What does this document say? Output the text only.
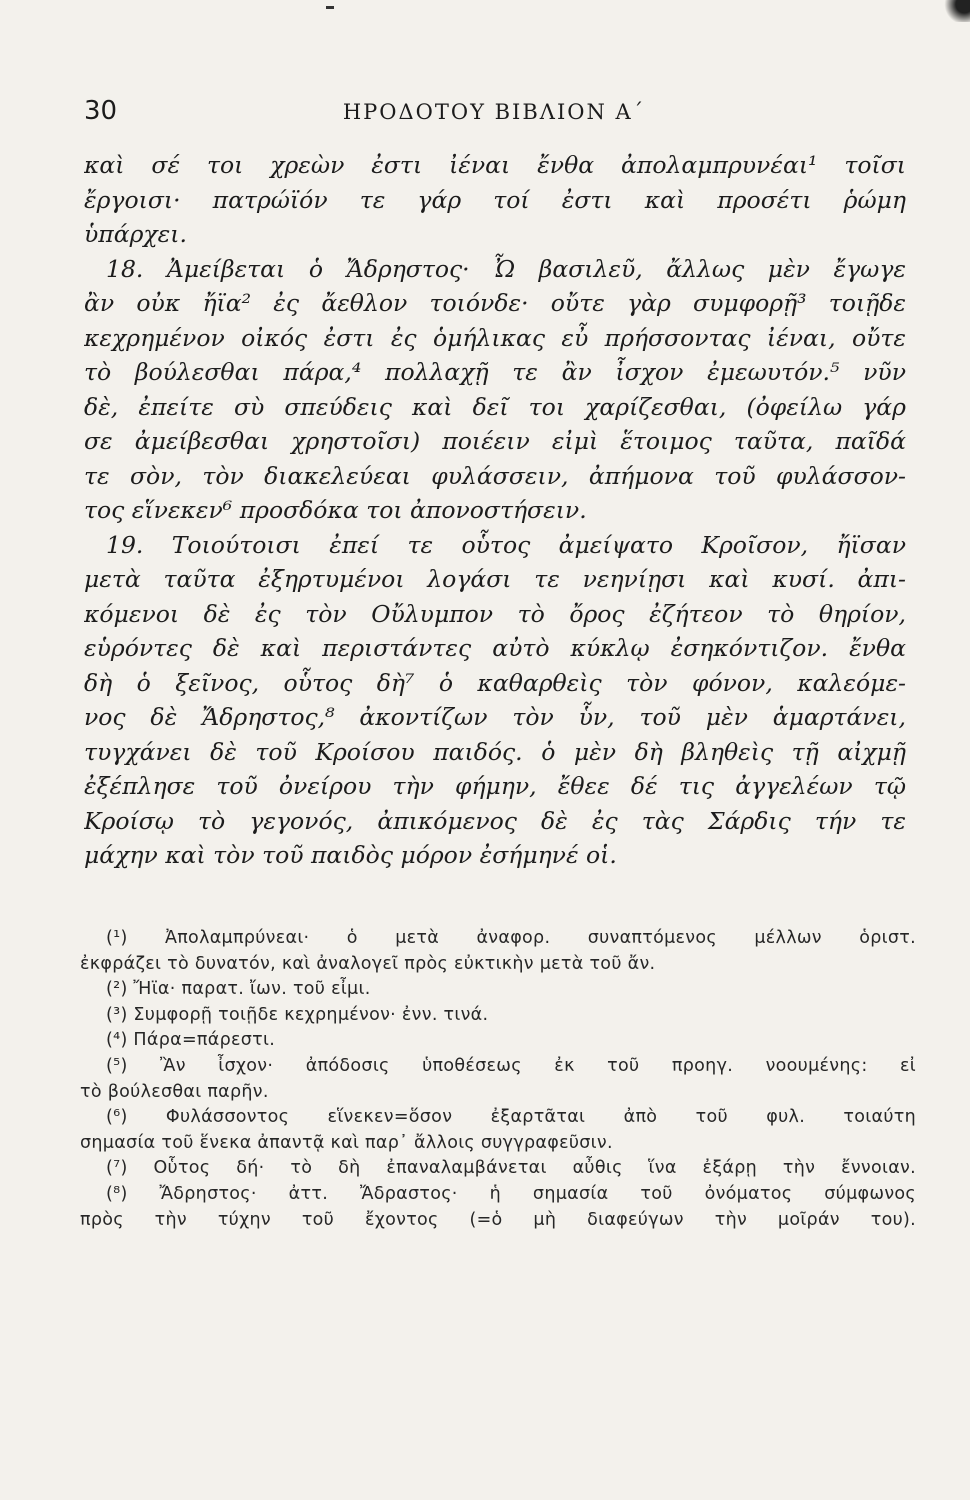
30	ΗΡΟΔΟΤΟΥ ΒΙΒΛΙΟΝ Α΄
καὶ σέ τοι χρεὼν ἐστι ἰέναι ἔνθα ἀπολαμπρυνέαι¹ τοῖσι
ἔργοισι· πατρώϊόν τε γάρ τοί ἐστι καὶ προσέτι ῥώμη
ὑπάρχει.
18. Ἀμείβεται ὁ Ἄδρηστος· Ὦ βασιλεῦ, ἄλλως μὲν ἔγωγε
ἂν οὐκ ἤϊα² ἐς ἄεθλον τοιόνδε· οὔτε γὰρ συμφορῇ³ τοιῇδε
κεχρημένον οἰκός ἐστι ἐς ὁμήλικας εὖ πρήσσοντας ἰέναι, οὔτε
τὸ βούλεσθαι πάρα,⁴ πολλαχῇ τε ἂν ἶσχον ἐμεωυτόν.⁵ νῦν
δὲ, ἐπείτε σὺ σπεύδεις καὶ δεῖ τοι χαρίζεσθαι, (ὀφείλω γάρ
σε ἀμείβεσθαι χρηστοῖσι) ποιέειν εἰμὶ ἕτοιμος ταῦτα, παῖδά
τε σὸν, τὸν διακελεύεαι φυλάσσειν, ἀπήμονα τοῦ φυλάσσον-
τος εἵνεκεν⁶ προσδόκα τοι ἀπονοστήσειν.
19. Τοιούτοισι ἐπεί τε οὗτος ἀμείψατο Κροῖσον, ἤϊσαν
μετὰ ταῦτα ἐξηρτυμένοι λογάσι τε νεηνίῃσι καὶ κυσί. ἀπι-
κόμενοι δὲ ἐς τὸν Οὔλυμπον τὸ ὄρος ἐζήτεον τὸ θηρίον,
εὑρόντες δὲ καὶ περιστάντες αὐτὸ κύκλῳ ἐσηκόντιζον. ἔνθα
δὴ ὁ ξεῖνος, οὗτος δὴ⁷ ὁ καθαρθεὶς τὸν φόνον, καλεόμε-
νος δὲ Ἄδρηστος,⁸ ἀκοντίζων τὸν ὗν, τοῦ μὲν ἁμαρτάνει,
τυγχάνει δὲ τοῦ Κροίσου παιδός. ὁ μὲν δὴ βληθεὶς τῇ αἰχμῇ
ἐξέπλησε τοῦ ὀνείρου τὴν φήμην, ἔθεε δέ τις ἀγγελέων τῷ
Κροίσῳ τὸ γεγονός, ἀπικόμενος δὲ ἐς τὰς Σάρδις τήν τε
μάχην καὶ τὸν τοῦ παιδὸς μόρον ἐσήμηνέ οἱ.
(¹) Ἀπολαμπρύνεαι· ὁ μετὰ ἀναφορ. συναπτόμενος μέλλων ὁριστ.
ἐκφράζει τὸ δυνατόν, καὶ ἀναλογεῖ πρὸς εὐκτικὴν μετὰ τοῦ ἄν.
(²) Ἤϊα· παρατ. ἴων. τοῦ εἶμι.
(³) Συμφορῇ τοιῇδε κεχρημένον· ἐνν. τινά.
(⁴) Πάρα=πάρεστι.
(⁵) Ἂν ἶσχον· ἀπόδοσις ὑποθέσεως ἐκ τοῦ προηγ. νοουμένης: εἰ
τὸ βούλεσθαι παρῆν.
(⁶) Φυλάσσοντος εἵνεκεν=ὅσον ἐξαρτᾶται ἀπὸ τοῦ φυλ. τοιαύτη
σημασία τοῦ ἕνεκα ἀπαντᾷ καὶ παρ᾿ ἄλλοις συγγραφεῦσιν.
(⁷) Οὗτος δή· τὸ δὴ ἐπαναλαμβάνεται αὖθις ἵνα ἐξάρῃ τὴν ἔννοιαν.
(⁸) Ἄδρηστος· ἀττ. Ἄδραστος· ἡ σημασία τοῦ ὀνόματος σύμφωνος
πρὸς τὴν τύχην τοῦ ἔχοντος (=ὁ μὴ διαφεύγων τὴν μοῖράν του).
